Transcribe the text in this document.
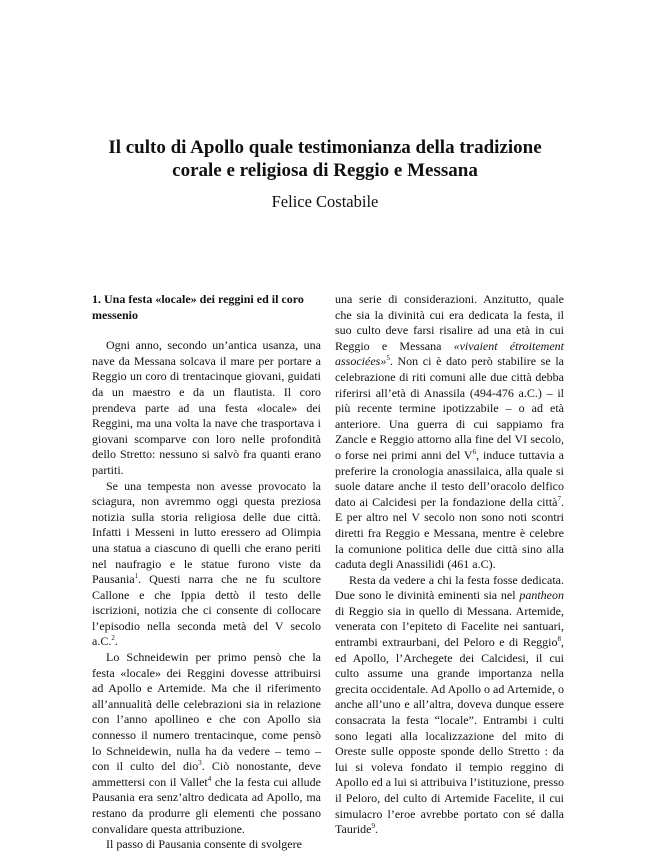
Il culto di Apollo quale testimonianza della tradizione
corale e religiosa di Reggio e Messana
Felice Costabile
1. Una festa «locale» dei reggini ed il coro messenio

Ogni anno, secondo un’antica usanza, una nave da Messana solcava il mare per portare a Reggio un coro di trentacinque giovani, guidati da un maestro e da un flautista. Il coro prendeva parte ad una festa «locale» dei Reggini, ma una volta la nave che trasportava i giovani scomparve con loro nelle profondità dello Stretto: nessuno si salvò fra quanti erano partiti.

Se una tempesta non avesse provocato la sciagura, non avremmo oggi questa preziosa notizia sulla storia religiosa delle due città. Infatti i Messeni in lutto eressero ad Olimpia una statua a ciascuno di quelli che erano periti nel naufragio e le statue furono viste da Pausania$^1$. Questi narra che ne fu scultore Callone e che Ippia dettò il testo delle iscrizioni, notizia che ci consente di collocare l’episodio nella seconda metà del V secolo a.C.$^2$.

Lo Schneidewin per primo pensò che la festa «locale» dei Reggini dovesse attribuirsi ad Apollo e Artemide. Ma che il riferimento all’annualità delle celebrazioni sia in relazione con l’anno apollineo e che con Apollo sia connesso il numero trentacinque, come pensò lo Schneidewin, nulla ha da vedere – temo – con il culto del dio$^3$. Ciò nonostante, deve ammettersi con il Vallet$^4$ che la festa cui allude Pausania era senz’altro dedicata ad Apollo, ma restano da produrre gli elementi che possano convalidare questa attribuzione.

Il passo di Pausania consente di svolgere

una serie di considerazioni. Anzitutto, quale che sia la divinità cui era dedicata la festa, il suo culto deve farsi risalire ad una età in cui Reggio e Messana «vivaient étroitement associées»$^5$. Non ci è dato però stabilire se la celebrazione di riti comuni alle due città debba riferirsi all’età di Anassila (494-476 a.C.) – il più recente termine ipotizzabile – o ad età anteriore. Una guerra di cui sappiamo fra Zancle e Reggio attorno alla fine del VI secolo, o forse nei primi anni del $V^6$, induce tuttavia a preferire la cronologia anassilaica, alla quale si suole datare anche il testo dell’oracolo delfico dato ai Calcidesi per la fondazione della città$^7$. E per altro nel V secolo non sono noti scontri diretti fra Reggio e Messana, mentre è celebre la comunione politica delle due città sino alla caduta degli Anassilidi (461 a.C).

Resta da vedere a chi la festa fosse dedicata. Due sono le divinità eminenti sia nel pantheon di Reggio sia in quello di Messana. Artemide, venerata con l’epiteto di Facelite nei santuari, entrambi extraurbani, del Peloro e di Reggio$^8$, ed Apollo, l’Archegete dei Calcidesi, il cui culto assume una grande importanza nella grecita occidentale. Ad Apollo o ad Artemide, o anche all’uno e all’altra, doveva dunque essere consacrata la festa “locale”. Entrambi i culti sono legati alla localizzazione del mito di Oreste sulle opposte sponde dello Stretto : da lui si voleva fondato il tempio reggino di Apollo ed a lui si attribuiva l’istituzione, presso il Peloro, del culto di Artemide Facelite, il cui simulacro l’eroe avrebbe portato con sé dalla Tauride$^9$.
